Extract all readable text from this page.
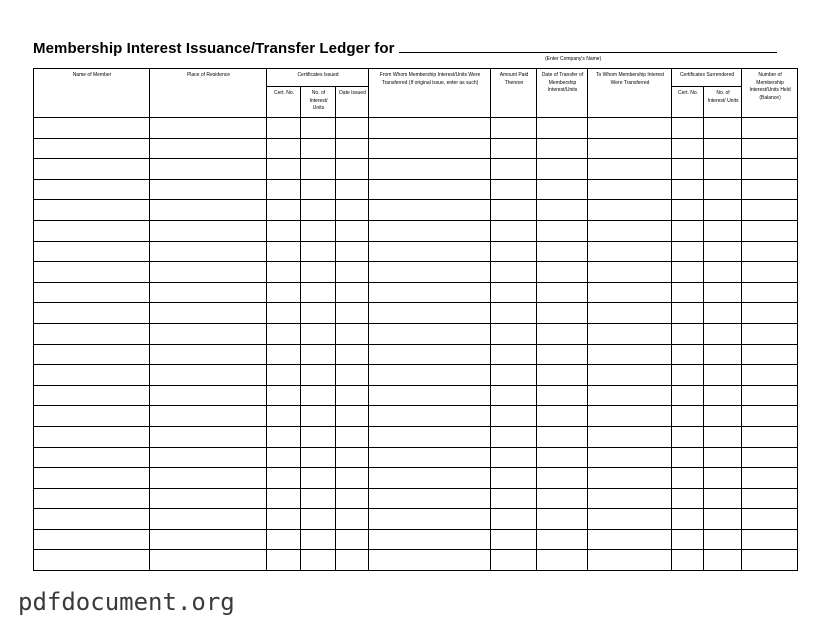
Membership Interest Issuance/Transfer Ledger for
(Enter Company's Name)
Name of Member	Place of Residence	Certificates Issued			From Whom Membership Interest/Units Were Transferred (If original issue, enter as such)	Amount Paid Thereon	Date of Transfer of Membership Interest/Units	To Whom Membership Interest Were Transferred	Certificates Surrendered		Number of Membership Interest/Units Held (Balance)
		Cert. No.	No. of Interest/ Units	Date Issued					Cert. No.	No. of Interest/ Units	

pdfdocument.org
